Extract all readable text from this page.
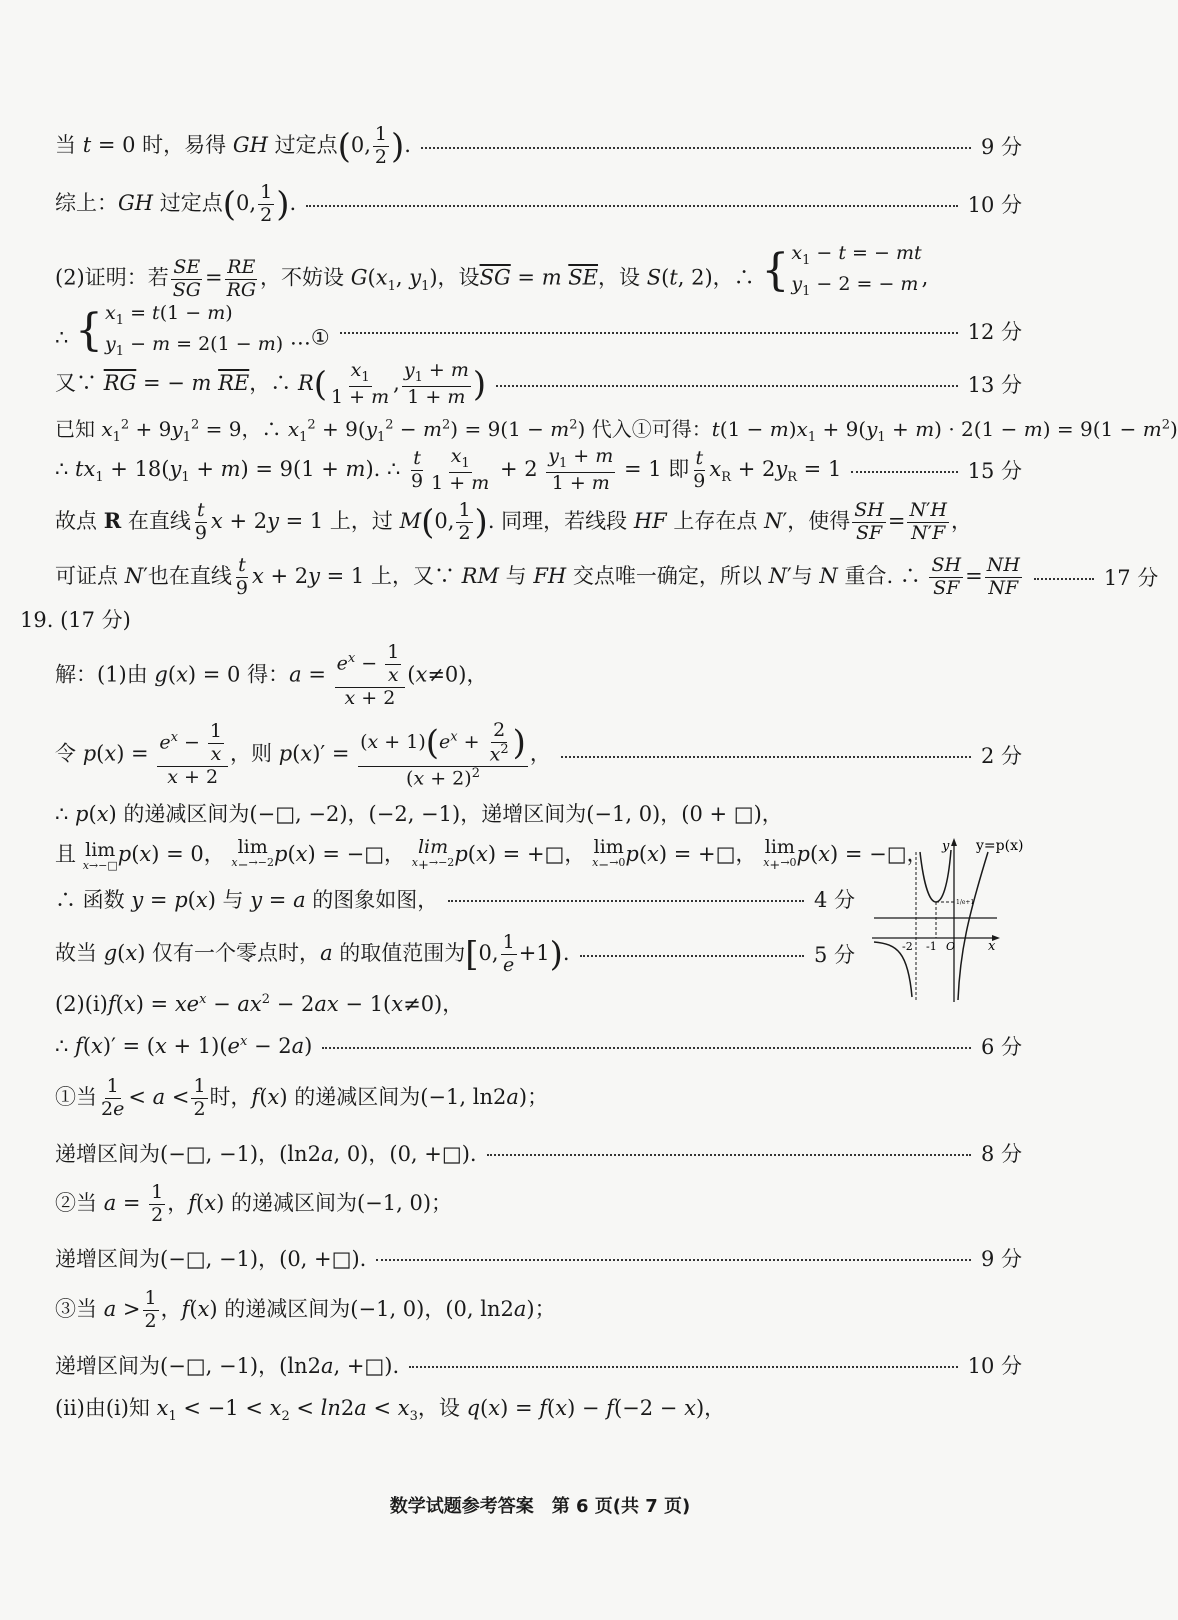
当 t = 0 时，易得 GH 过定点(0, $\frac{1}{2}$ ).	9 分
综上：GH 过定点(0, $\frac{1}{2}$ ).	10 分
(2)证明：若 $\frac{SE}{SG} = \frac{RE}{RG}$ ，不妨设 $G(x_1$, $y_1$)，设$\overline{SG} = m$ $\overline{SE}$，设 S(t, 2)，∴ { $x_1 - t$ = − mt
$y_1 - 2$ = − m ,
∴ { $x_1 = t(1 - m)$
$y_1 - m = 2(1 - m)$ …①	12 分
又∵ $\overline{RG}$ = − m $\overline{RE}$，∴ $R( \frac{x_1}{1 + m}$ , $\frac{y_1 + m}{1 + m}$ )	13 分
已知 $x_1^2 + 9y_1^2 = 9$，∴ $x_1^2 + 9(y_1^2 - m^2) = 9(1 - m^2)$ 代入①可得：$t(1 - m)x_1 + 9(y_1 + m) \cdot 2(1 - m) = 9(1 - m^2)$
∴ $tx_1 + 18(y_1 + m) = 9(1 + m)$. ∴ $\frac{t}{9} \frac{x_1}{1 + m} + 2 \frac{y_1 + m}{1 + m} = 1$ 即 $\frac{t}{9} x_R + 2y_R = 1$	15 分
故点 R 在直线 $\frac{t}{9}$ x + 2y = 1 上，过 M(0, $\frac{1}{2}$ ). 同理，若线段 HF 上存在点 N′，使得 $\frac{SH}{SF} = \frac{N'H}{N'F}$ ，
可证点 N′也在直线 $\frac{t}{9}$ x + 2y = 1 上，又∵ RM 与 FH 交点唯一确定，所以 N′与 N 重合. ∴ $\frac{SH}{SF} = \frac{NH}{NF}$	17 分
19. (17 分)
解：(1)由 g(x) = 0 得：$a = \frac{e^x - \frac{1}{x}}{x + 2} (x\ne 0)$，
令 $p(x) = \frac{e^x - \frac{1}{x}}{x + 2}$ ，则 $p(x)' = \frac{(x + 1)(e^x + \frac{2}{x^2} )}{(x + 2)^2}$ ，	2 分
∴ p(x) 的递减区间为(−□, −2)，(−2, −1)，递增区间为(−1, 0)，(0 + □)，
且 lim
x→−□ p(x) = 0， lim
$x_-\to-2$ p(x) = −□， lim
$x_+\to-2$ p(x) = +□， lim
$x_-\to 0$ p(x) = +□， lim
$x_+\to 0$ p(x) = −□，
∴ 函数 y = p(x) 与 y = a 的图象如图，	4 分
故当 g(x) 仅有一个零点时，a 的取值范围为[0, $\frac{1}{e} +1$).	5 分
y y=p(x)
x
-2 -1 O
1/e+1
(2)(ⅰ)f(x) = $xe^x - ax^2 - 2ax - 1(x\ne 0)$，
∴ $f(x)' = (x + 1)(e^x - 2a)$	6 分
①当 $\frac{1}{2e} < a < \frac{1}{2}$ 时，f(x) 的递减区间为(−1, ln2a)；
递增区间为(−□, −1)，(ln2a, 0)，(0, +□).	8 分
②当 $a = \frac{1}{2}$ ，f(x) 的递减区间为(−1, 0)；
递增区间为(−□, −1)，(0, +□).	9 分
③当 $a > \frac{1}{2}$ ，f(x) 的递减区间为(−1, 0)，(0, ln2a)；
递增区间为(−□, −1)，(ln2a, +□).	10 分
(ⅱ)由(ⅰ)知 $x_1 < -1 < x_2 < \ln 2a < x_3$，设 q(x) = f(x) − f(−2 − x)，
数学试题参考答案　第 6 页(共 7 页)
